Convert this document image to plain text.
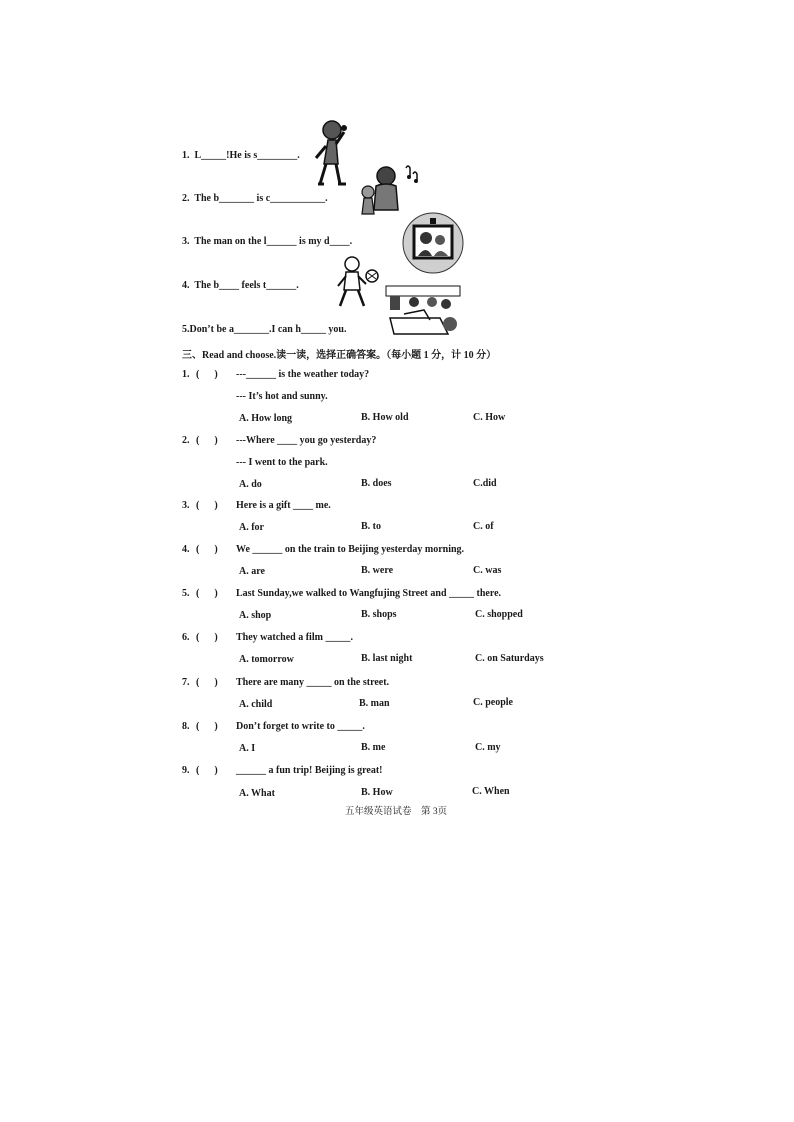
1.  L_____!He is s________.
2.  The b_______ is c___________.
3.  The man on the l______ is my d____.
4.  The b____ feels t______.
5.Don’t be a_______.I can h_____ you.
三、Read and choose.读一读，选择正确答案。（每小题 1 分，计 10 分）
1. (      ) ---______ is the weather today?
--- It’s hot and sunny.
A. How long	B. How old	C. How
2. (      ) ---Where ____ you go yesterday?
--- I went to the park.
A. do	B. does	C.did
3. (      ) Here is a gift ____ me.
A. for	B. to	C. of
4. (      ) We ______ on the train to Beijing yesterday morning.
A. are	B. were	C. was
5. (      ) Last Sunday,we walked to Wangfujing Street and _____ there.
A. shop	B. shops	C. shopped
6. (      ) They watched a film _____.
A. tomorrow	B. last night	C. on Saturdays
7. (      ) There are many _____ on the street.
A. child	B. man	C. people
8. (      ) Don’t forget to write to _____.
A. I	B. me	C. my
9. (      ) ______ a fun trip! Beijing is great!
A. What	B. How	C. When
五年级英语试卷    第 3页
